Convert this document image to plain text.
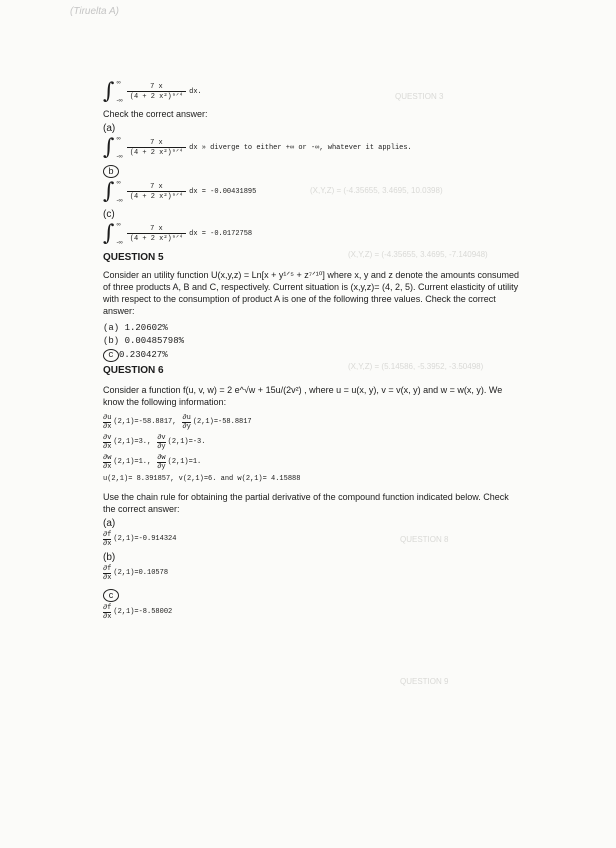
(Tiruelta A)
QUESTION 3
(X,Y,Z) = (-4.35655, 3.4695, 10.0398)
(X,Y,Z) = (-4.35655, 3.4695, -7.140948)
(X,Y,Z) = (5.14586, -5.3952, -3.50498)
QUESTION 8
QUESTION 9
∫ ∞
-∞ $\frac{7 x}{\text{(4 + 2 x²)⁹ᐟ⁴}}$ dx.
Check the correct answer:
(a)
∫ ∞
-∞ $\frac{7 x}{\text{(4 + 2 x²)⁹ᐟ⁴}}$ dx » diverge to either +∞ or -∞, whatever it applies.
b
∫ ∞
-∞ $\frac{7 x}{\text{(4 + 2 x²)⁹ᐟ⁴}}$ dx = -0.00431895
(c)
∫ ∞
-∞ $\frac{7 x}{\text{(4 + 2 x²)⁹ᐟ⁴}}$ dx = -0.0172758
QUESTION 5
Consider an utility function U(x,y,z) = Ln[x + y¹ᐟ⁵ + z⁷ᐟ¹⁰] where x, y and z denote the amounts consumed of three products A, B and C, respectively. Current situation is (x,y,z)= (4, 2, 5). Current elasticity of utility with respect to the consumption of product A is one of the following three values. Check the correct answer:
(a) 1.20602%
(b) 0.00485798%
c 0.230427%
QUESTION 6
Consider a function f(u, v, w) = 2 e^√w + 15u/(2v²) , where u = u(x, y), v = v(x, y) and w = w(x, y). We know the following information:
∂u
∂x
(2,1)=-58.8817,
∂u
∂y
(2,1)=-58.8817
∂v
∂x
(2,1)=3.,
∂v
∂y
(2,1)=-3.
∂w
∂x
(2,1)=1.,
∂w
∂y
(2,1)=1.
u(2,1)= 8.391857, v(2,1)=6. and w(2,1)= 4.15888
Use the chain rule for obtaining the partial derivative of the compound function indicated below. Check the correct answer:
(a)
∂f
∂x
(2,1)=-0.914324
(b)
∂f
∂x
(2,1)=0.10578
c
∂f
∂x
(2,1)=-8.58002
